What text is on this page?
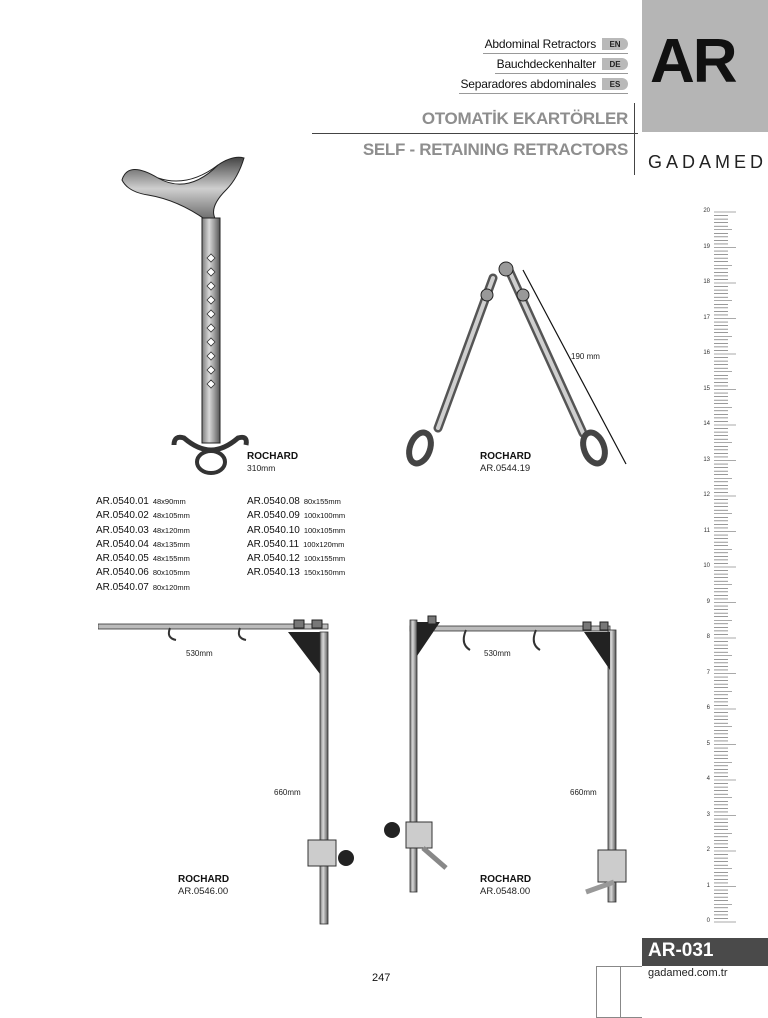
Abdominal Retractors	EN
Bauchdeckenhalter	DE
Separadores abdominales	ES AR
OTOMATİK EKARTÖRLER
SELF - RETAINING RETRACTORS
GADAMED
ROCHARD
310mm
190 mm
ROCHARD
AR.0544.19
AR.0540.01 48x90mm
AR.0540.02 48x105mm
AR.0540.03 48x120mm
AR.0540.04 48x135mm
AR.0540.05 48x155mm
AR.0540.06 80x105mm
AR.0540.07 80x120mm
AR.0540.08 80x155mm
AR.0540.09 100x100mm
AR.0540.10 100x105mm
AR.0540.11 100x120mm
AR.0540.12 100x155mm
AR.0540.13 150x150mm
530mm
660mm
ROCHARD
AR.0546.00
530mm
660mm
ROCHARD
AR.0548.00
20
19
18
17
16
15
14
13
12
11
10
9
8
7
6
5
4
3
2
1
0
AR-031
gadamed.com.tr
247
